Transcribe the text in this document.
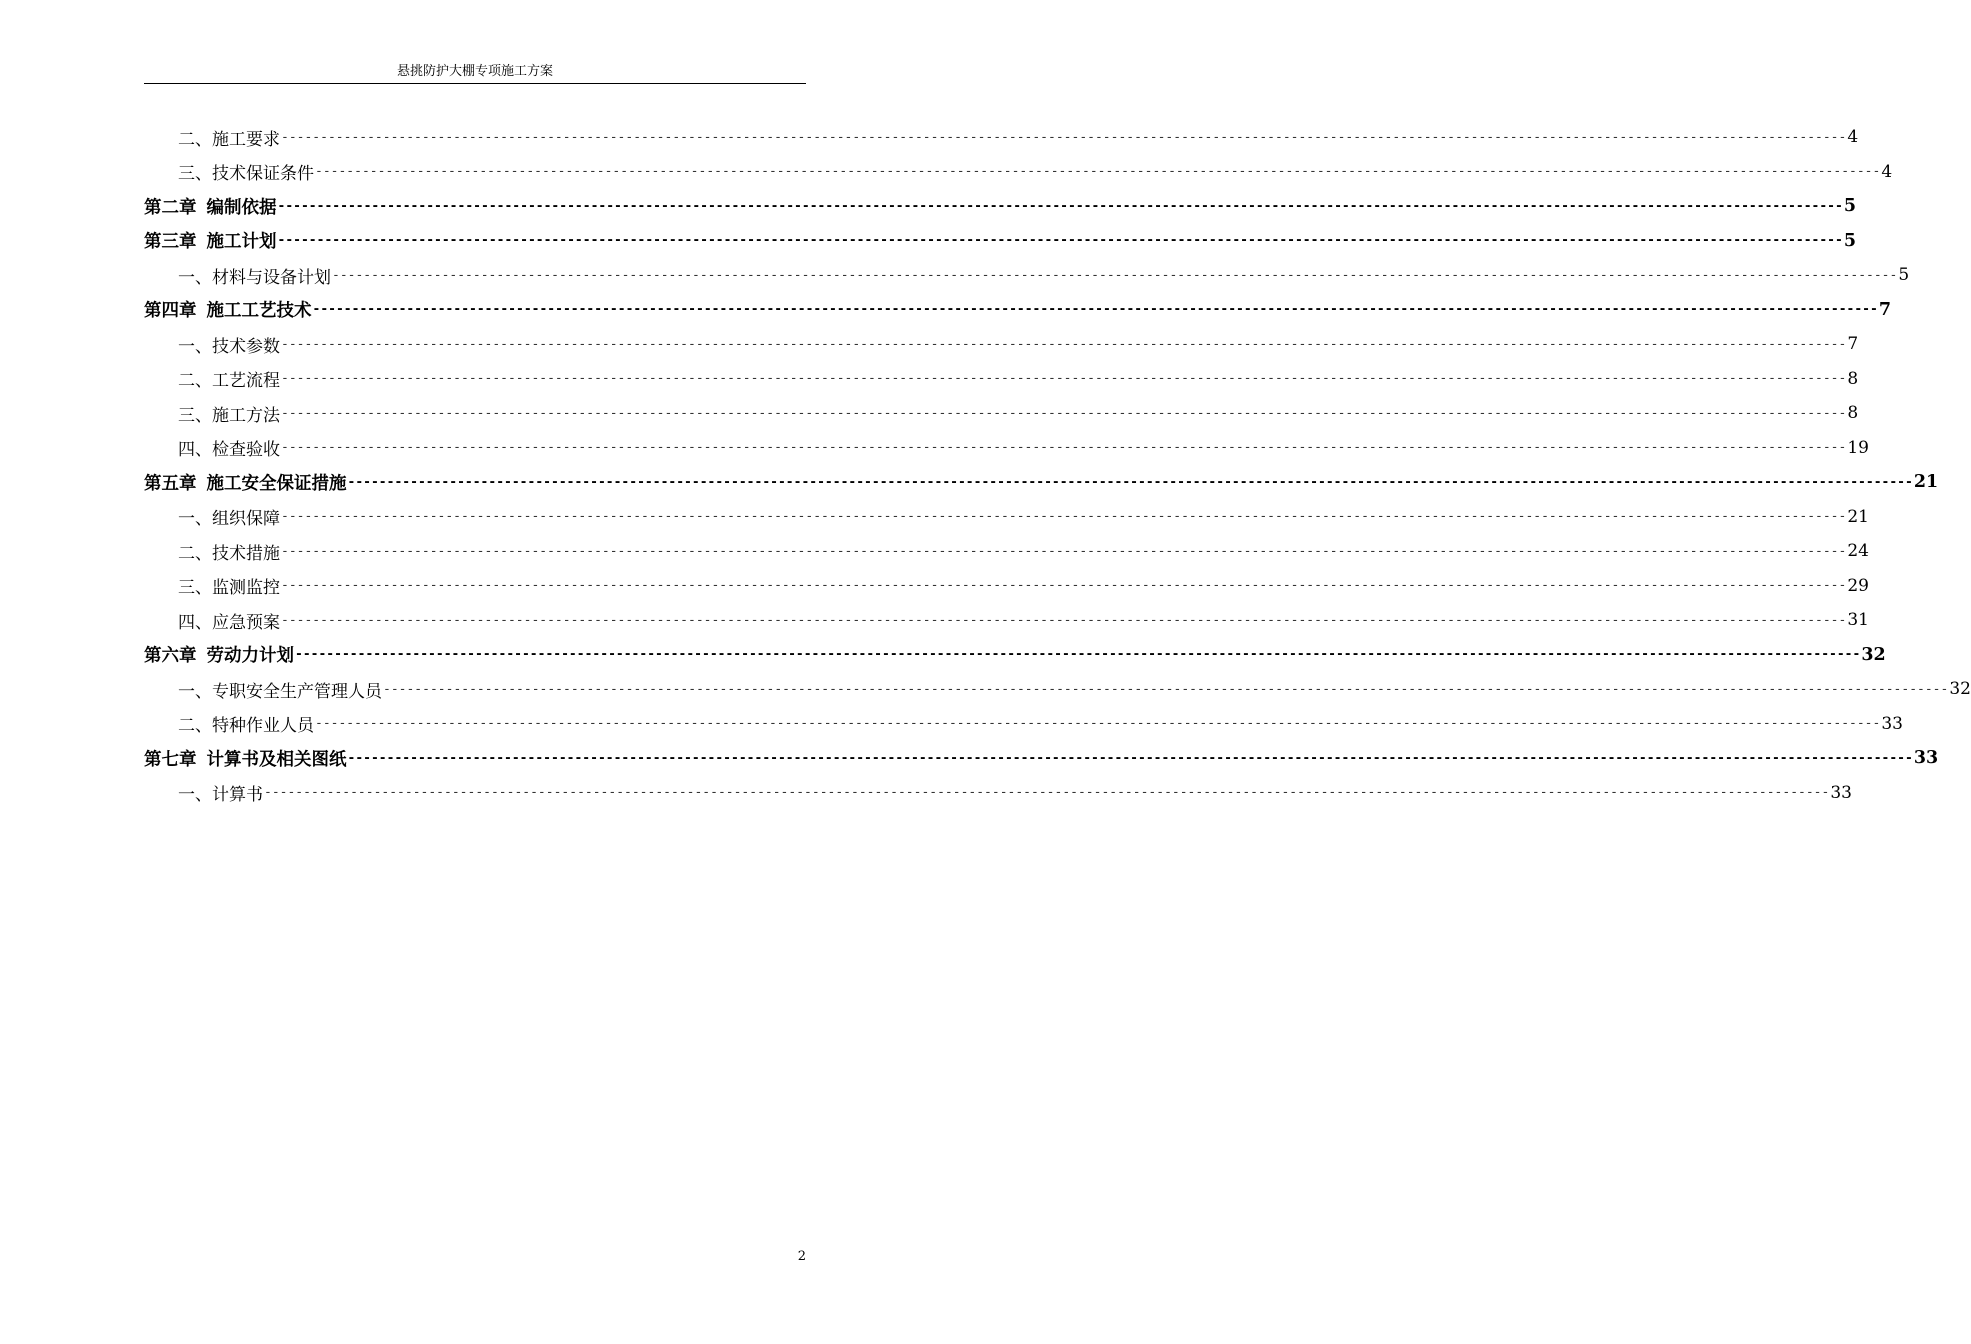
悬挑防护大棚专项施工方案
二、 施工要求 -------------------------------------------------------------------------------------------------------------------------------------------------------------------------------------------------------- 4
三、 技术保证条件 -------------------------------------------------------------------------------------------------------------------------------------------------------------------------------------------------------- 4
第二章 编制依据 -------------------------------------------------------------------------------------------------------------------------------------------------------------------------------------------------------- 5
第三章 施工计划 -------------------------------------------------------------------------------------------------------------------------------------------------------------------------------------------------------- 5
一、 材料与设备计划 -------------------------------------------------------------------------------------------------------------------------------------------------------------------------------------------------------- 5
第四章 施工工艺技术 -------------------------------------------------------------------------------------------------------------------------------------------------------------------------------------------------------- 7
一、 技术参数 -------------------------------------------------------------------------------------------------------------------------------------------------------------------------------------------------------- 7
二、 工艺流程 -------------------------------------------------------------------------------------------------------------------------------------------------------------------------------------------------------- 8
三、 施工方法 -------------------------------------------------------------------------------------------------------------------------------------------------------------------------------------------------------- 8
四、 检查验收 -------------------------------------------------------------------------------------------------------------------------------------------------------------------------------------------------------- 19
第五章 施工安全保证措施 -------------------------------------------------------------------------------------------------------------------------------------------------------------------------------------------------------- 21
一、 组织保障 -------------------------------------------------------------------------------------------------------------------------------------------------------------------------------------------------------- 21
二、 技术措施 -------------------------------------------------------------------------------------------------------------------------------------------------------------------------------------------------------- 24
三、 监测监控 -------------------------------------------------------------------------------------------------------------------------------------------------------------------------------------------------------- 29
四、 应急预案 -------------------------------------------------------------------------------------------------------------------------------------------------------------------------------------------------------- 31
第六章 劳动力计划 -------------------------------------------------------------------------------------------------------------------------------------------------------------------------------------------------------- 32
一、 专职安全生产管理人员 -------------------------------------------------------------------------------------------------------------------------------------------------------------------------------------------------------- 32
二、 特种作业人员 -------------------------------------------------------------------------------------------------------------------------------------------------------------------------------------------------------- 33
第七章 计算书及相关图纸 -------------------------------------------------------------------------------------------------------------------------------------------------------------------------------------------------------- 33
一、 计算书 -------------------------------------------------------------------------------------------------------------------------------------------------------------------------------------------------------- 33
2
